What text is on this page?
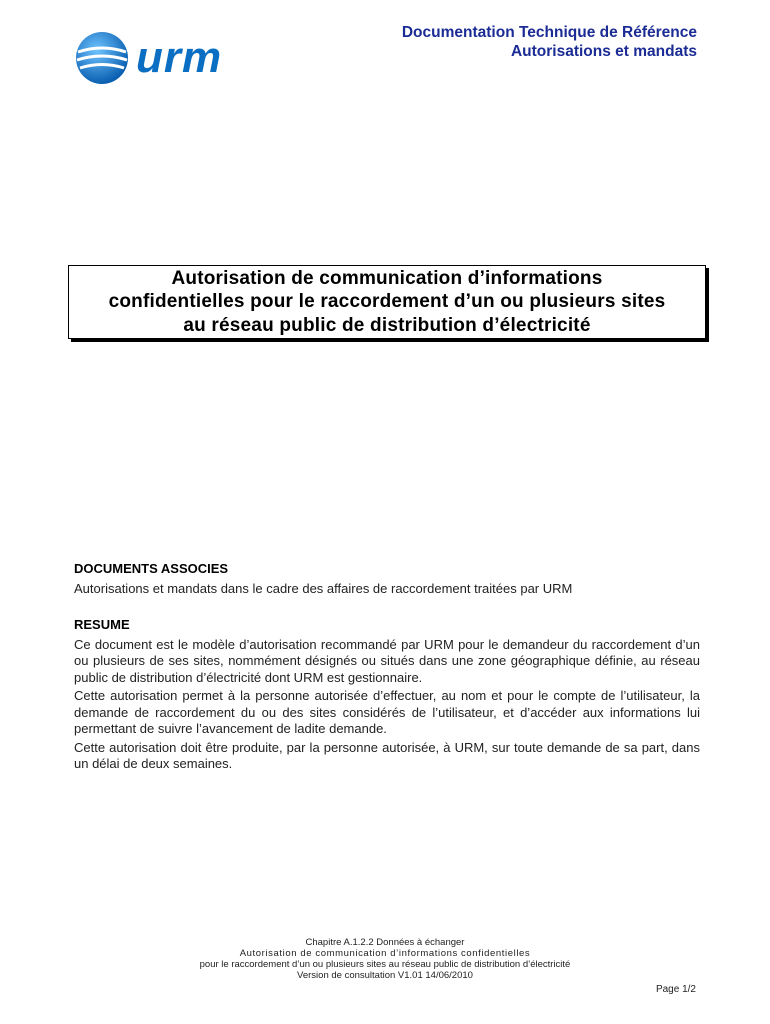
urm
Documentation Technique de Référence
Autorisations et mandats
Autorisation de communication d’informations
confidentielles pour le raccordement d’un ou plusieurs sites
au réseau public de distribution d’électricité
DOCUMENTS ASSOCIES
Autorisations et mandats dans le cadre des affaires de raccordement traitées par URM
RESUME
Ce document est le modèle d’autorisation recommandé par URM pour le demandeur du raccordement d’un ou plusieurs de ses sites, nommément désignés ou situés dans une zone géographique définie, au réseau public de distribution d’électricité dont URM est gestionnaire.
Cette autorisation permet à la personne autorisée d’effectuer, au nom et pour le compte de l’utilisateur, la demande de raccordement du ou des sites considérés de l’utilisateur, et d’accéder aux informations lui permettant de suivre l’avancement de ladite demande.
Cette autorisation doit être produite, par la personne autorisée, à URM, sur toute demande de sa part, dans un délai de deux semaines.
Chapitre A.1.2.2 Données à échanger
Autorisation de communication d’informations confidentielles
pour le raccordement d’un ou plusieurs sites au réseau public de distribution d’électricité
Version de consultation V1.01 14/06/2010
Page 1/2
